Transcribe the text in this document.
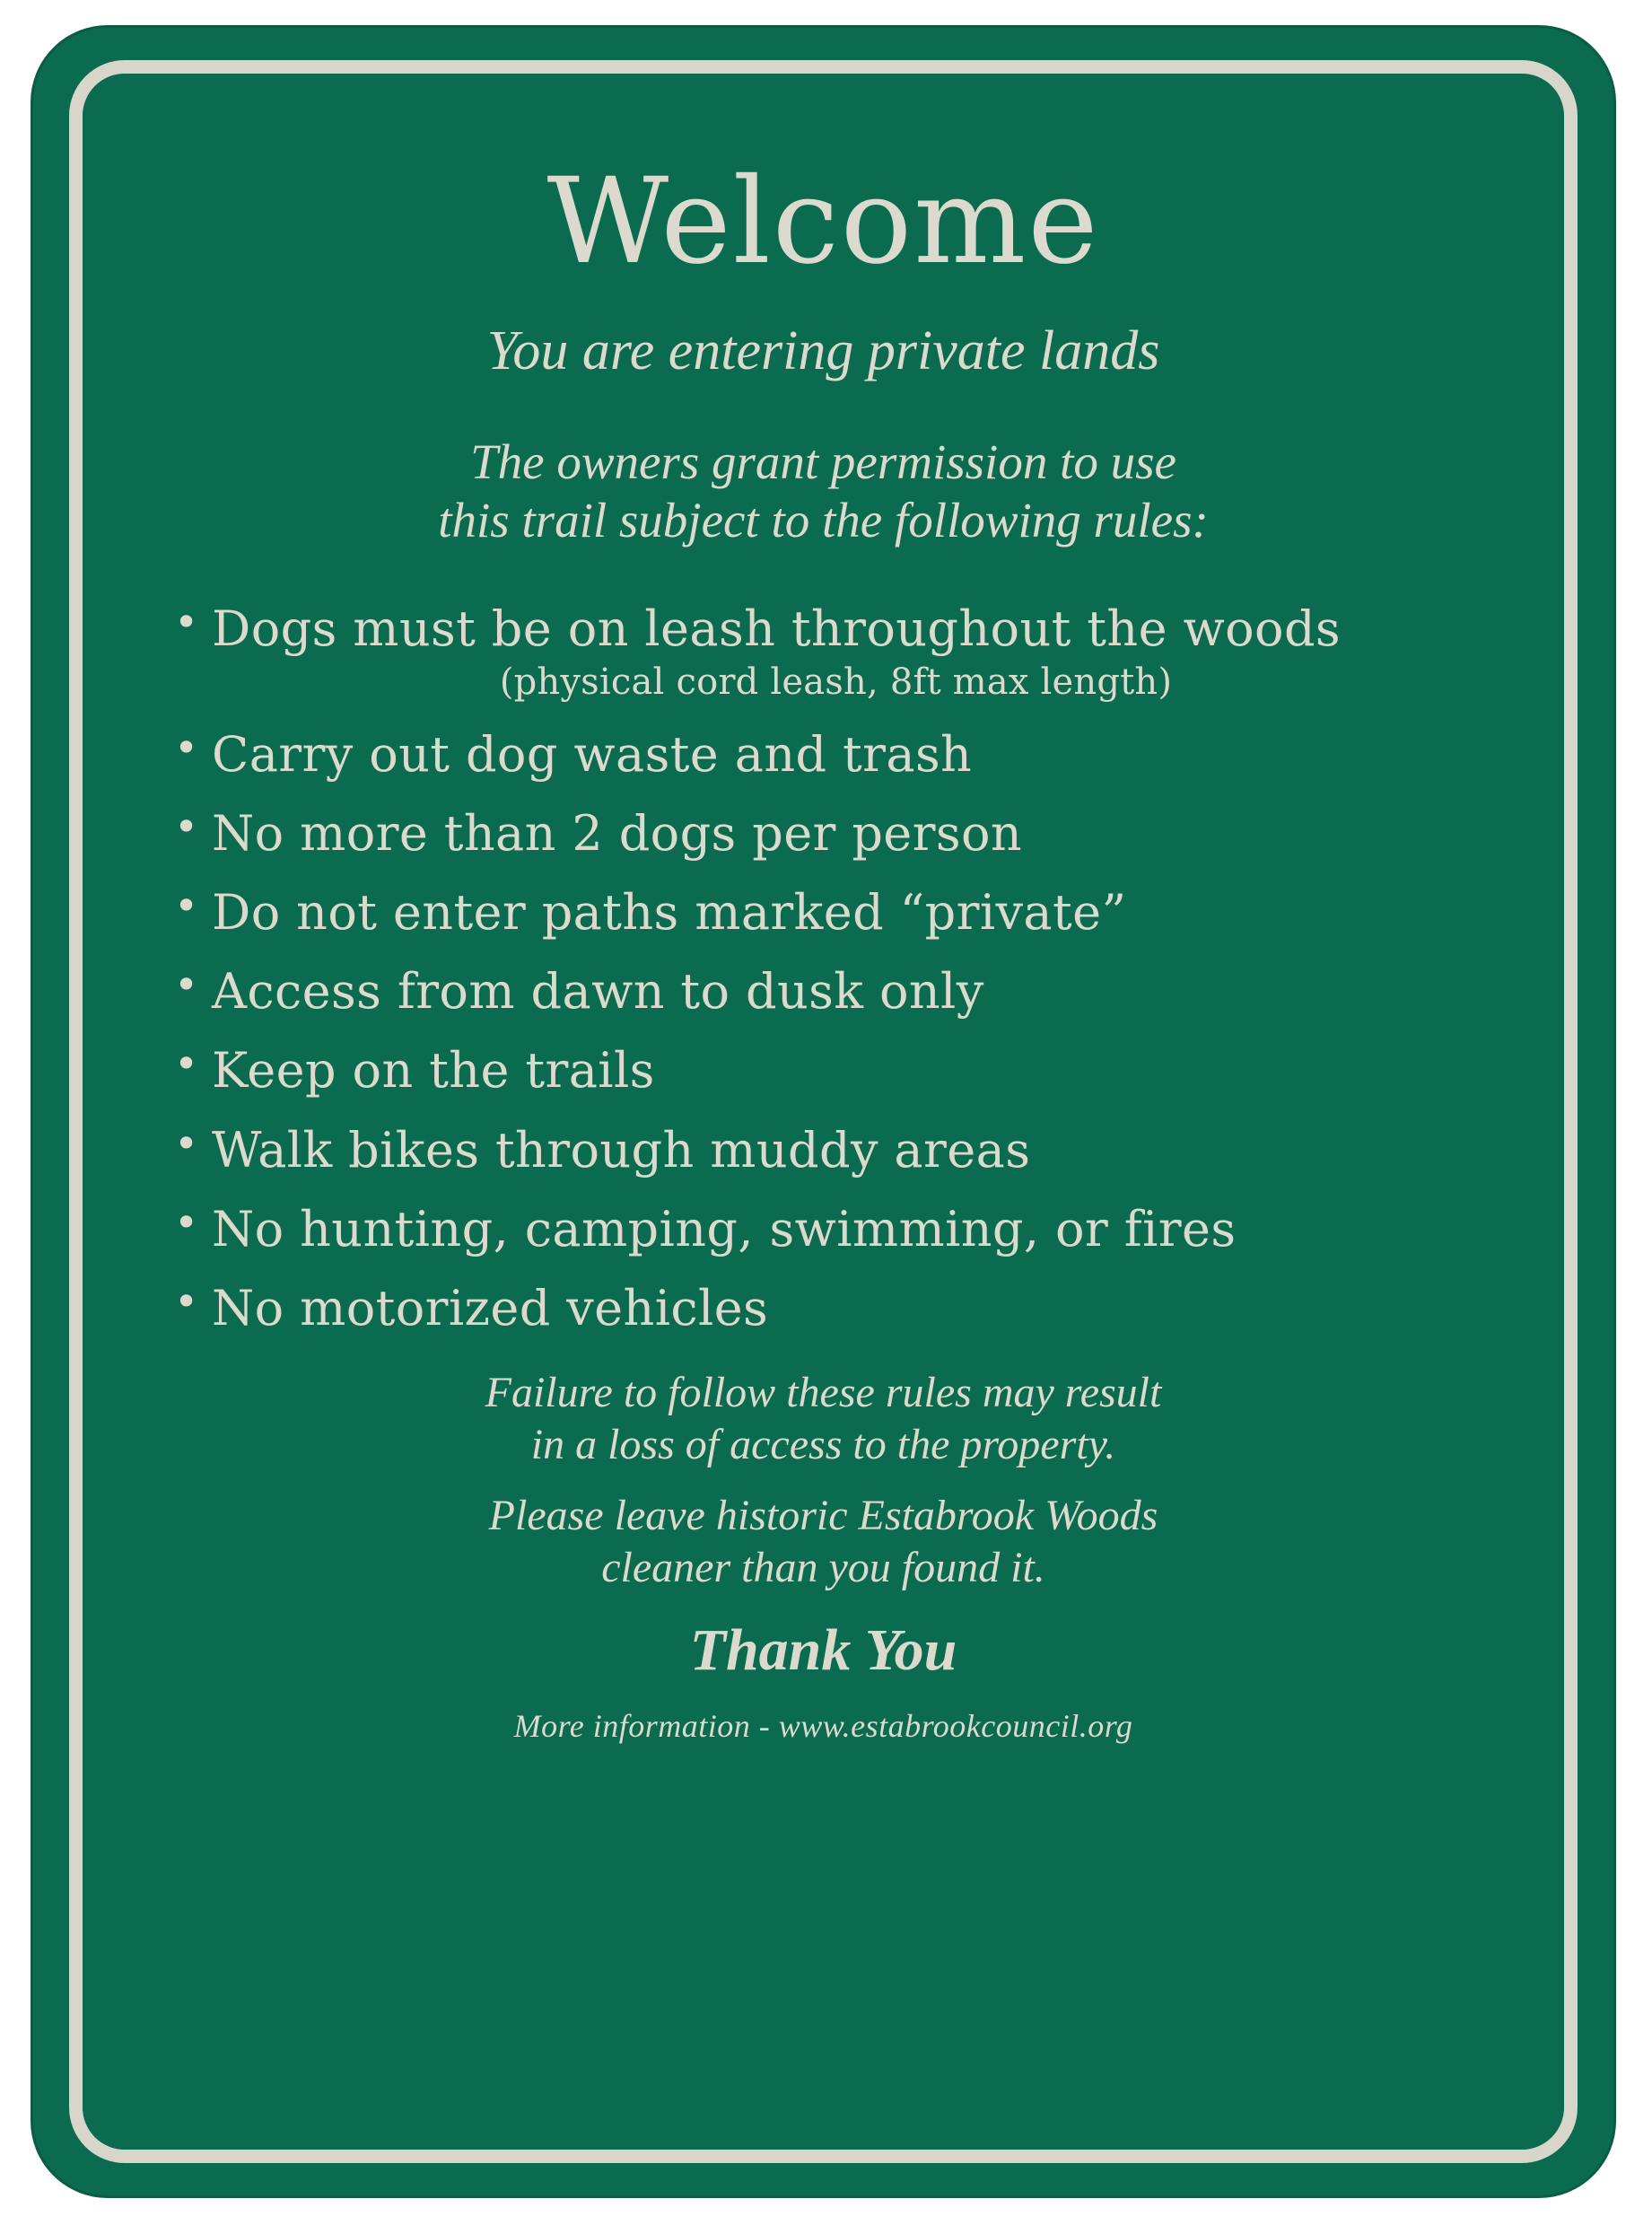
Welcome

You are entering private lands

The owners grant permission to use
this trail subject to the following rules:

• Dogs must be on leash throughout the woods
(physical cord leash, 8ft max length)
• Carry out dog waste and trash
• No more than 2 dogs per person
• Do not enter paths marked “private”
• Access from dawn to dusk only
• Keep on the trails
• Walk bikes through muddy areas
• No hunting, camping, swimming, or fires
• No motorized vehicles

Failure to follow these rules may result
in a loss of access to the property.

Please leave historic Estabrook Woods
cleaner than you found it.

Thank You

More information - www.estabrookcouncil.org
